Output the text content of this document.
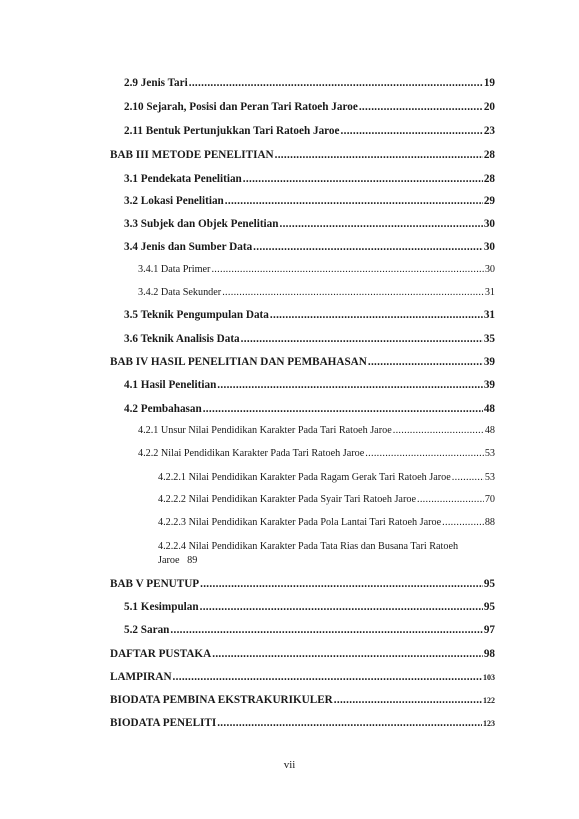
2.9 Jenis Tari .....	19
2.10 Sejarah, Posisi dan Peran Tari Ratoeh Jaroe .....	20
2.11 Bentuk Pertunjukkan Tari Ratoeh Jaroe .....	23
BAB III METODE PENELITIAN .....	28
3.1 Pendekata Penelitian .....	28
3.2 Lokasi Penelitian .....	29
3.3 Subjek dan Objek Penelitian .....	30
3.4 Jenis dan Sumber Data .....	30
3.4.1 Data Primer .....	30
3.4.2 Data Sekunder .....	31
3.5 Teknik Pengumpulan Data .....	31
3.6 Teknik Analisis Data .....	35
BAB IV HASIL PENELITIAN DAN PEMBAHASAN .....	39
4.1 Hasil Penelitian .....	39
4.2 Pembahasan .....	48
4.2.1 Unsur Nilai Pendidikan Karakter Pada Tari Ratoeh Jaroe .....	48
4.2.2 Nilai Pendidikan Karakter Pada Tari Ratoeh Jaroe .....	53
4.2.2.1 Nilai Pendidikan Karakter Pada Ragam Gerak Tari Ratoeh Jaroe .....	53
4.2.2.2 Nilai Pendidikan Karakter Pada Syair Tari Ratoeh Jaroe .....	70
4.2.2.3 Nilai Pendidikan Karakter Pada Pola Lantai Tari Ratoeh Jaroe .....	88
4.2.2.4 Nilai Pendidikan Karakter Pada Tata Rias dan Busana Tari Ratoeh
Jaroe   89
BAB V PENUTUP .....	95
5.1 Kesimpulan .....	95
5.2 Saran .....	97
DAFTAR PUSTAKA .....	98
LAMPIRAN .....	103
BIODATA PEMBINA EKSTRAKURIKULER .....	122
BIODATA PENELITI .....	123
vii
